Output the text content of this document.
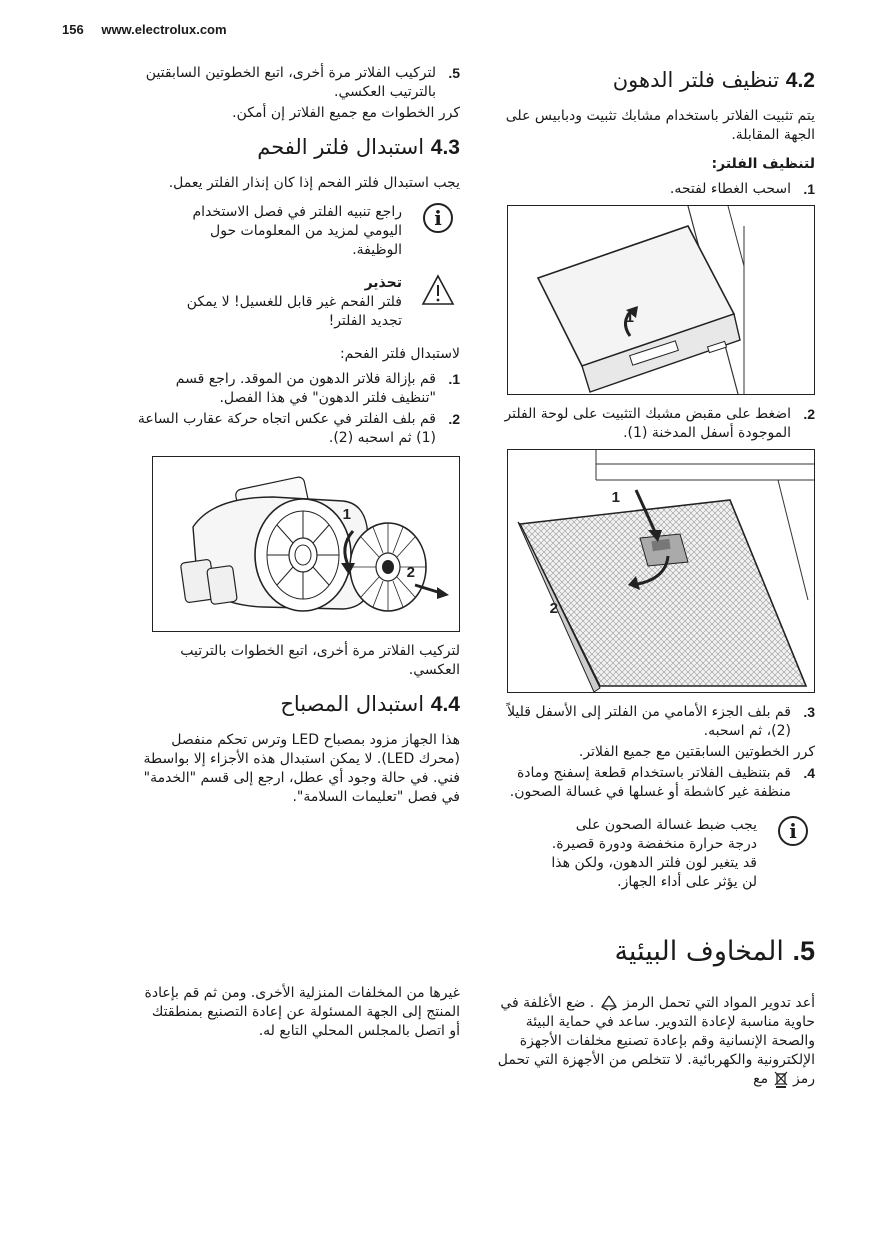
156 www.electrolux.com
4.2 تنظيف فلتر الدهون

يتم تثبيت الفلاتر باستخدام مشابك تثبيت ودبابيس على الجهة المقابلة.

لتنظيف الفلتر:

1.
اسحب الغطاء لفتحه.
1
2.
اضغط على مقبض مشبك التثبيت على لوحة الفلتر الموجودة أسفل المدخنة (1).
1
2
3.
قم بلف الجزء الأمامي من الفلتر إلى الأسفل قليلاً (2)، ثم اسحبه.

كرر الخطوتين السابقتين مع جميع الفلاتر.

4.
قم بتنظيف الفلاتر باستخدام قطعة إسفنج ومادة منظفة غير كاشطة أو غسلها في غسالة الصحون.
i
يجب ضبط غسالة الصحون على درجة حرارة منخفضة ودورة قصيرة. قد يتغير لون فلتر الدهون، ولكن هذا لن يؤثر على أداء الجهاز.
5.
لتركيب الفلاتر مرة أخرى، اتبع الخطوتين السابقتين بالترتيب العكسي.

كرر الخطوات مع جميع الفلاتر إن أمكن.

4.3 استبدال فلتر الفحم

يجب استبدال فلتر الفحم إذا كان إنذار الفلتر يعمل.

i
راجع تنبيه الفلتر في فصل الاستخدام اليومي لمزيد من المعلومات حول الوظيفة.
تحذير
فلتر الفحم غير قابل للغسيل! لا يمكن تجديد الفلتر!

لاستبدال فلتر الفحم:

1.
قم بإزالة فلاتر الدهون من الموقد. راجع قسم "تنظيف فلتر الدهون" في هذا الفصل.
2.
قم بلف الفلتر في عكس اتجاه حركة عقارب الساعة (1) ثم اسحبه (2).
1
2

لتركيب الفلاتر مرة أخرى، اتبع الخطوات بالترتيب العكسي.

4.4 استبدال المصباح

هذا الجهاز مزود بمصباح LED وترس تحكم منفصل (محرك LED). لا يمكن استبدال هذه الأجزاء إلا بواسطة فني. في حالة وجود أي عطل، ارجع إلى قسم "الخدمة" في فصل "تعليمات السلامة".

5. المخاوف البيئية
أعد تدوير المواد التي تحمل الرمز  . ضع الأغلفة في حاوية مناسبة لإعادة التدوير. ساعد في حماية البيئة والصحة الإنسانية وقم بإعادة تصنيع مخلفات الأجهزة الإلكترونية والكهربائية. لا تتخلص من الأجهزة التي تحمل رمز  مع
غيرها من المخلفات المنزلية الأخرى. ومن ثم قم بإعادة المنتج إلى الجهة المسئولة عن إعادة التصنيع بمنطقتك أو اتصل بالمجلس المحلي التابع له.
